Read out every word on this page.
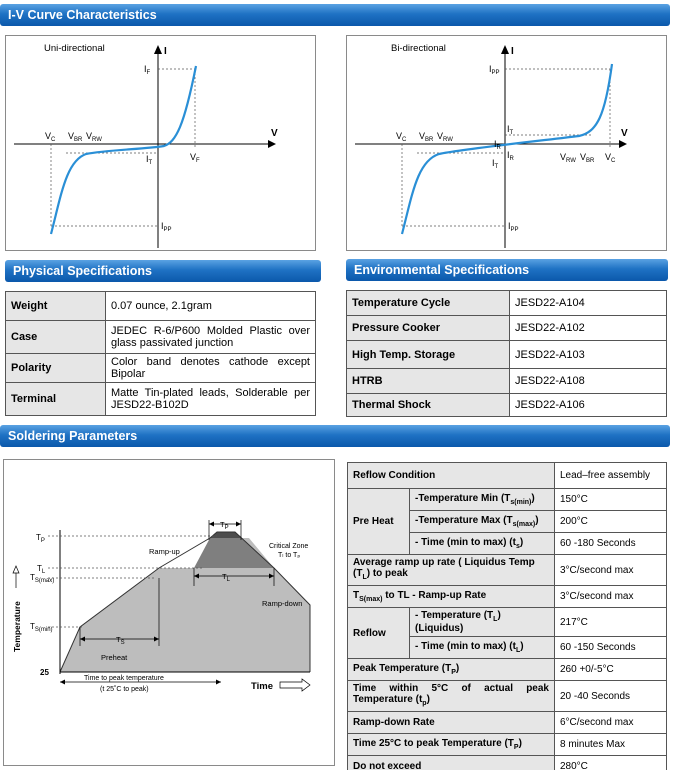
I-V Curve Characteristics
Uni-directional	I
V
$I_F$
$V_C$ $V_{BR}$ $V_{RW}$
$I_T$
$V_F$
$I_{PP}$
Bi-directional	I
V
$I_{PP}$
$V_C$ $V_{BR}$ $V_{RW}$
$I_T$
$I_R$
$I_R$
$I_T$
$V_{RW}$ $V_{BR}$ $V_C$
$I_{PP}$
Physical Specifications	Environmental Specifications
Weight	0.07 ounce, 2.1gram
Case	JEDEC R-6/P600 Molded Plastic over glass passivated junction
Polarity	Color band denotes cathode except Bipolar
Terminal	Matte Tin-plated leads, Solderable per JESD22-B102D
Temperature Cycle	JESD22-A104
Pressure Cooker	JESD22-A102
High Temp. Storage	JESD22-A103
HTRB	JESD22-A108
Thermal Shock	JESD22-A106
Soldering Parameters
$T_P$
$T_L$
$T_{S(max)}$
$T_{S(min)}$
25
Temperature
Time
Ramp-up
Ramp-down
Preheat
Critical Zone
Tₗ to Tₚ
$T_P$
$T_L$
$T_S$
Time to peak temperature
(t 25˚C to peak)
Reflow Condition		Lead–free assembly
Pre Heat	-Temperature Min $(T_{s(min)})$	150°C
	-Temperature Max $(T_{s(max)})$	200°C
	- Time (min to max) $(t_s)$	60 -180 Seconds
Average ramp up rate ( Liquidus Temp $(T_L)$ to peak		3°C/second max
$T_{S(max)}$ to TL - Ramp-up Rate		3°C/second max
Reflow	- Temperature $(T_L)$ (Liquidus)	217°C
	- Time (min to max) $(t_L)$	60 -150 Seconds
Peak Temperature $(T_P)$		260 +0/-5°C
Time within 5°C of actual peak Temperature $(t_p)$		20 -40 Seconds
Ramp-down Rate		6°C/second max
Time 25°C to peak Temperature $(T_P)$		8 minutes Max
Do not exceed		280°C
